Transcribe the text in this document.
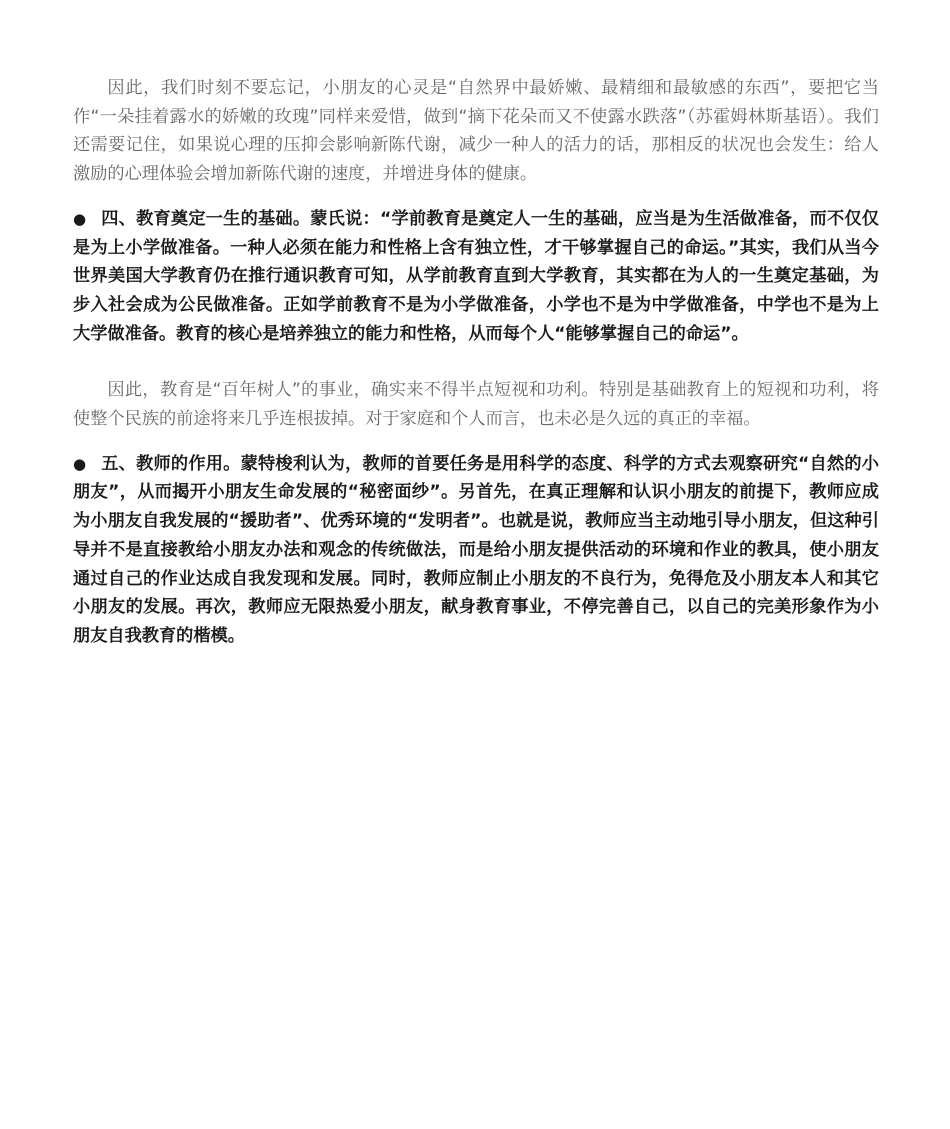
因此，我们时刻不要忘记，小朋友的心灵是“自然界中最娇嫩、最精细和最敏感的东西”，要把它当作“一朵挂着露水的娇嫩的玫瑰”同样来爱惜，做到“摘下花朵而又不使露水跌落”（苏霍姆林斯基语）。我们还需要记住，如果说心理的压抑会影响新陈代谢，减少一种人的活力的话，那相反的状况也会发生：给人激励的心理体验会增加新陈代谢的速度，并增进身体的健康。

● 四、教育奠定一生的基础。蒙氏说：“学前教育是奠定人一生的基础，应当是为生活做准备，而不仅仅是为上小学做准备。一种人必须在能力和性格上含有独立性，才干够掌握自己的命运。”其实，我们从当今世界美国大学教育仍在推行通识教育可知，从学前教育直到大学教育，其实都在为人的一生奠定基础，为步入社会成为公民做准备。正如学前教育不是为小学做准备，小学也不是为中学做准备，中学也不是为上大学做准备。教育的核心是培养独立的能力和性格，从而每个人“能够掌握自己的命运”。

因此，教育是“百年树人”的事业，确实来不得半点短视和功利。特别是基础教育上的短视和功利，将使整个民族的前途将来几乎连根拔掉。对于家庭和个人而言，也未必是久远的真正的幸福。

● 五、教师的作用。蒙特梭利认为，教师的首要任务是用科学的态度、科学的方式去观察研究“自然的小朋友”，从而揭开小朋友生命发展的“秘密面纱”。另首先，在真正理解和认识小朋友的前提下，教师应成为小朋友自我发展的“援助者”、优秀环境的“发明者”。也就是说，教师应当主动地引导小朋友，但这种引导并不是直接教给小朋友办法和观念的传统做法，而是给小朋友提供活动的环境和作业的教具，使小朋友通过自己的作业达成自我发现和发展。同时，教师应制止小朋友的不良行为，免得危及小朋友本人和其它小朋友的发展。再次，教师应无限热爱小朋友，献身教育事业，不停完善自己，以自己的完美形象作为小朋友自我教育的楷模。
